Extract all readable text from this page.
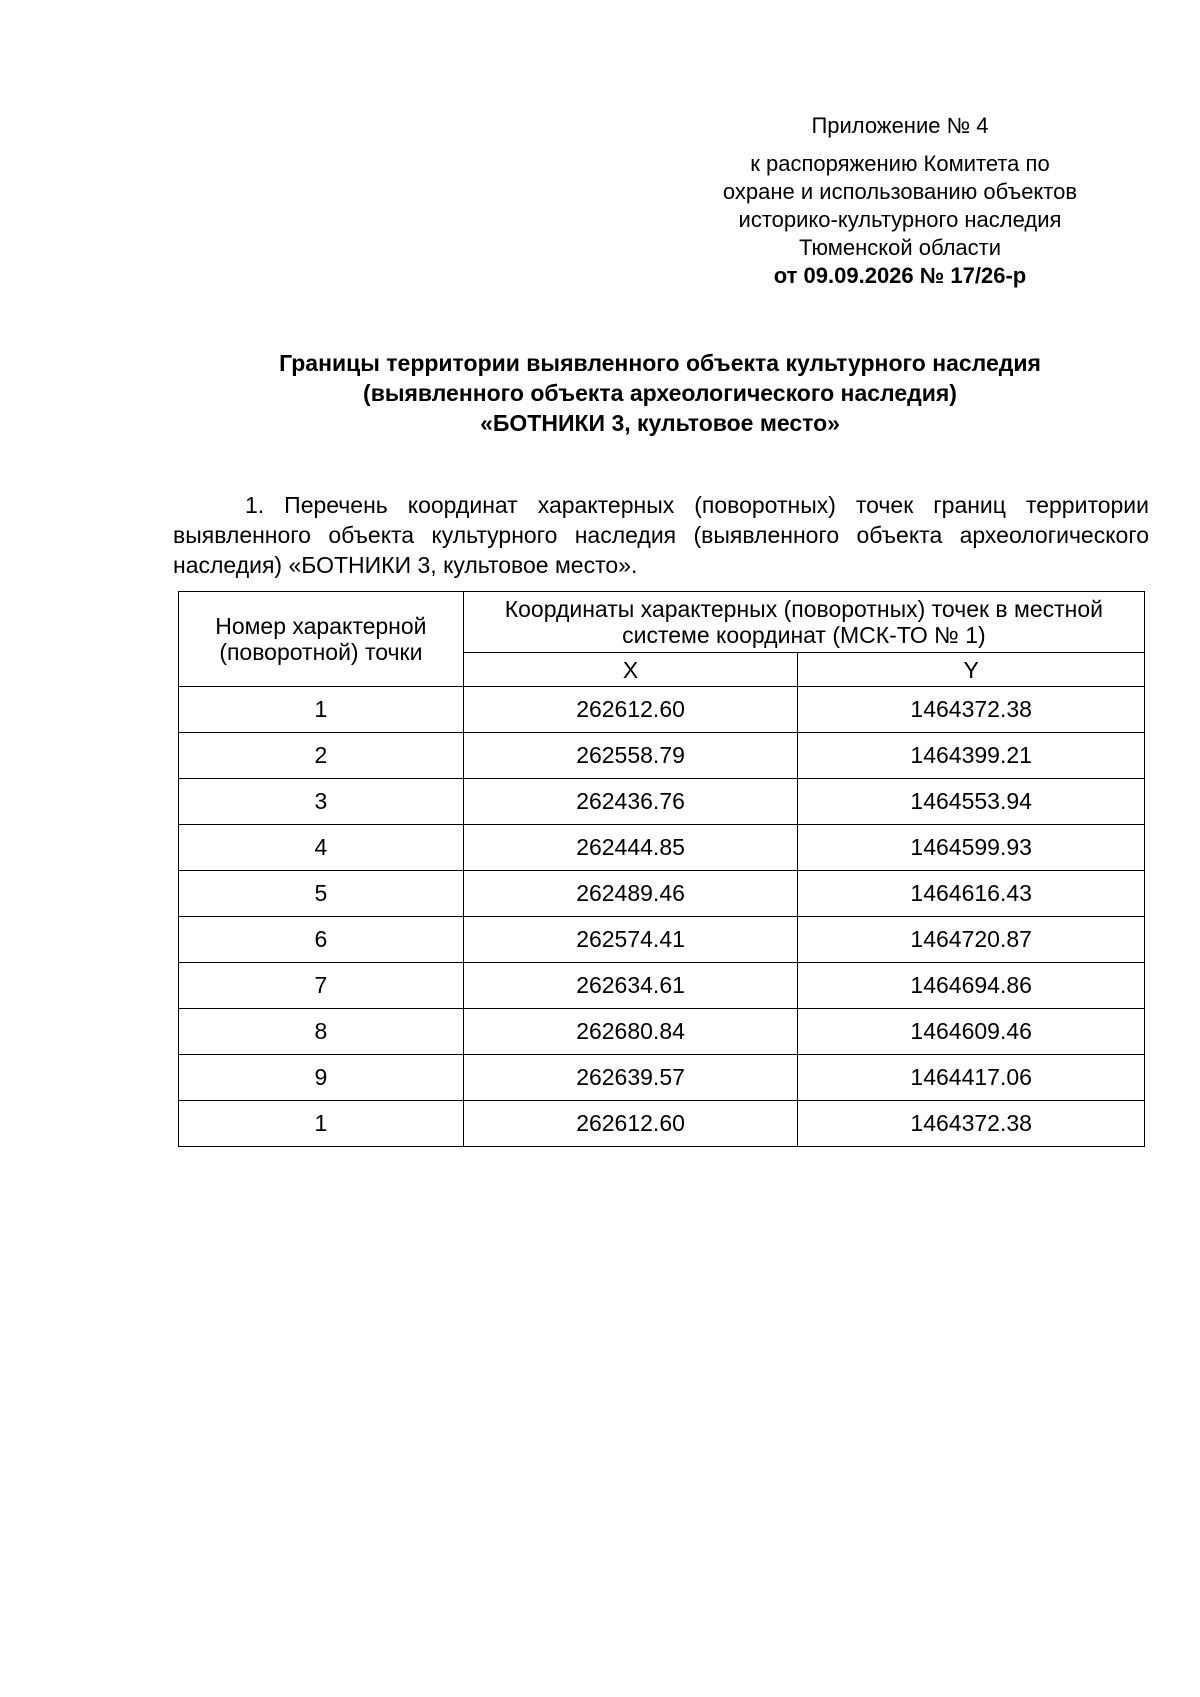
Приложение № 4
к распоряжению Комитета по
охране и использованию объектов
историко-культурного наследия
Тюменской области
от 09.09.2026 № 17/26-р
Границы территории выявленного объекта культурного наследия
(выявленного объекта археологического наследия)
«БОТНИКИ 3, культовое место»
1. Перечень координат характерных (поворотных) точек границ территории выявленного объекта культурного наследия (выявленного объекта археологического наследия) «БОТНИКИ 3, культовое место».
Номер характерной (поворотной) точки	Координаты характерных (поворотных) точек в местной системе координат (МСК-ТО № 1)	
	X	Y
1	262612.60	1464372.38
2	262558.79	1464399.21
3	262436.76	1464553.94
4	262444.85	1464599.93
5	262489.46	1464616.43
6	262574.41	1464720.87
7	262634.61	1464694.86
8	262680.84	1464609.46
9	262639.57	1464417.06
1	262612.60	1464372.38
